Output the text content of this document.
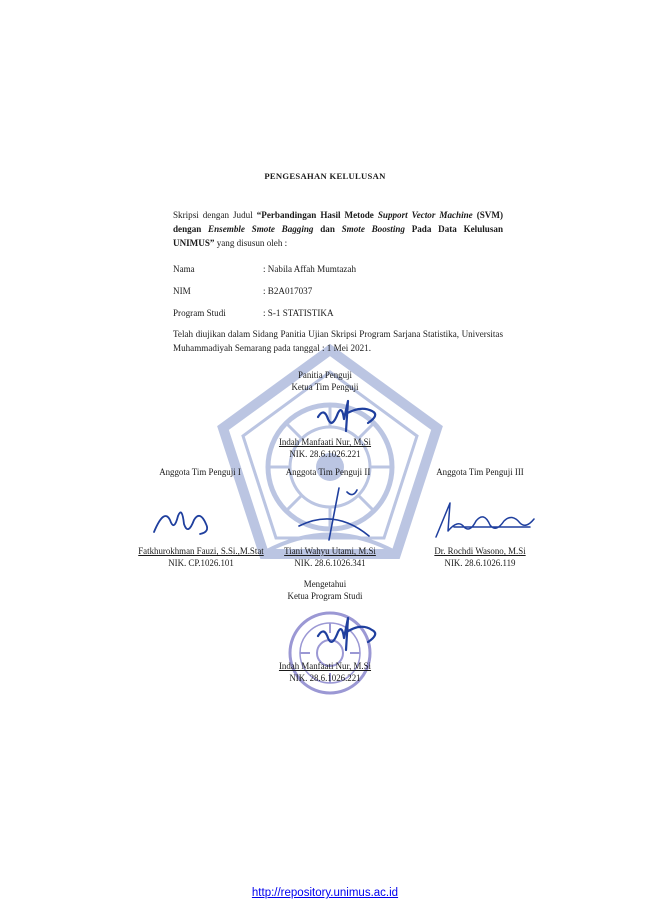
PENGESAHAN KELULUSAN
Skripsi dengan Judul “Perbandingan Hasil Metode Support Vector Machine (SVM) dengan Ensemble Smote Bagging dan Smote Boosting Pada Data Kelulusan UNIMUS” yang disusun oleh :
Nama	: Nabila Affah Mumtazah
NIM	: B2A017037
Program Studi	: S-1 STATISTIKA
Telah diujikan dalam Sidang Panitia Ujian Skripsi Program Sarjana Statistika, Universitas Muhammadiyah Semarang pada tanggal : 1 Mei 2021.
Panitia Penguji
Ketua Tim Penguji
Indah Manfaati Nur, M.Si
NIK. 28.6.1026.221
Anggota Tim Penguji I
Fatkhurokhman Fauzi, S.Si.,M.Stat
NIK. CP.1026.101
Anggota Tim Penguji II
Tiani Wahyu Utami, M.Si
NIK. 28.6.1026.341
Anggota Tim Penguji III
Dr. Rochdi Wasono, M.Si
NIK. 28.6.1026.119
Mengetahui
Ketua Program Studi
Indah Manfaati Nur, M.Si
NIK. 28.6.1026.221
http://repository.unimus.ac.id
